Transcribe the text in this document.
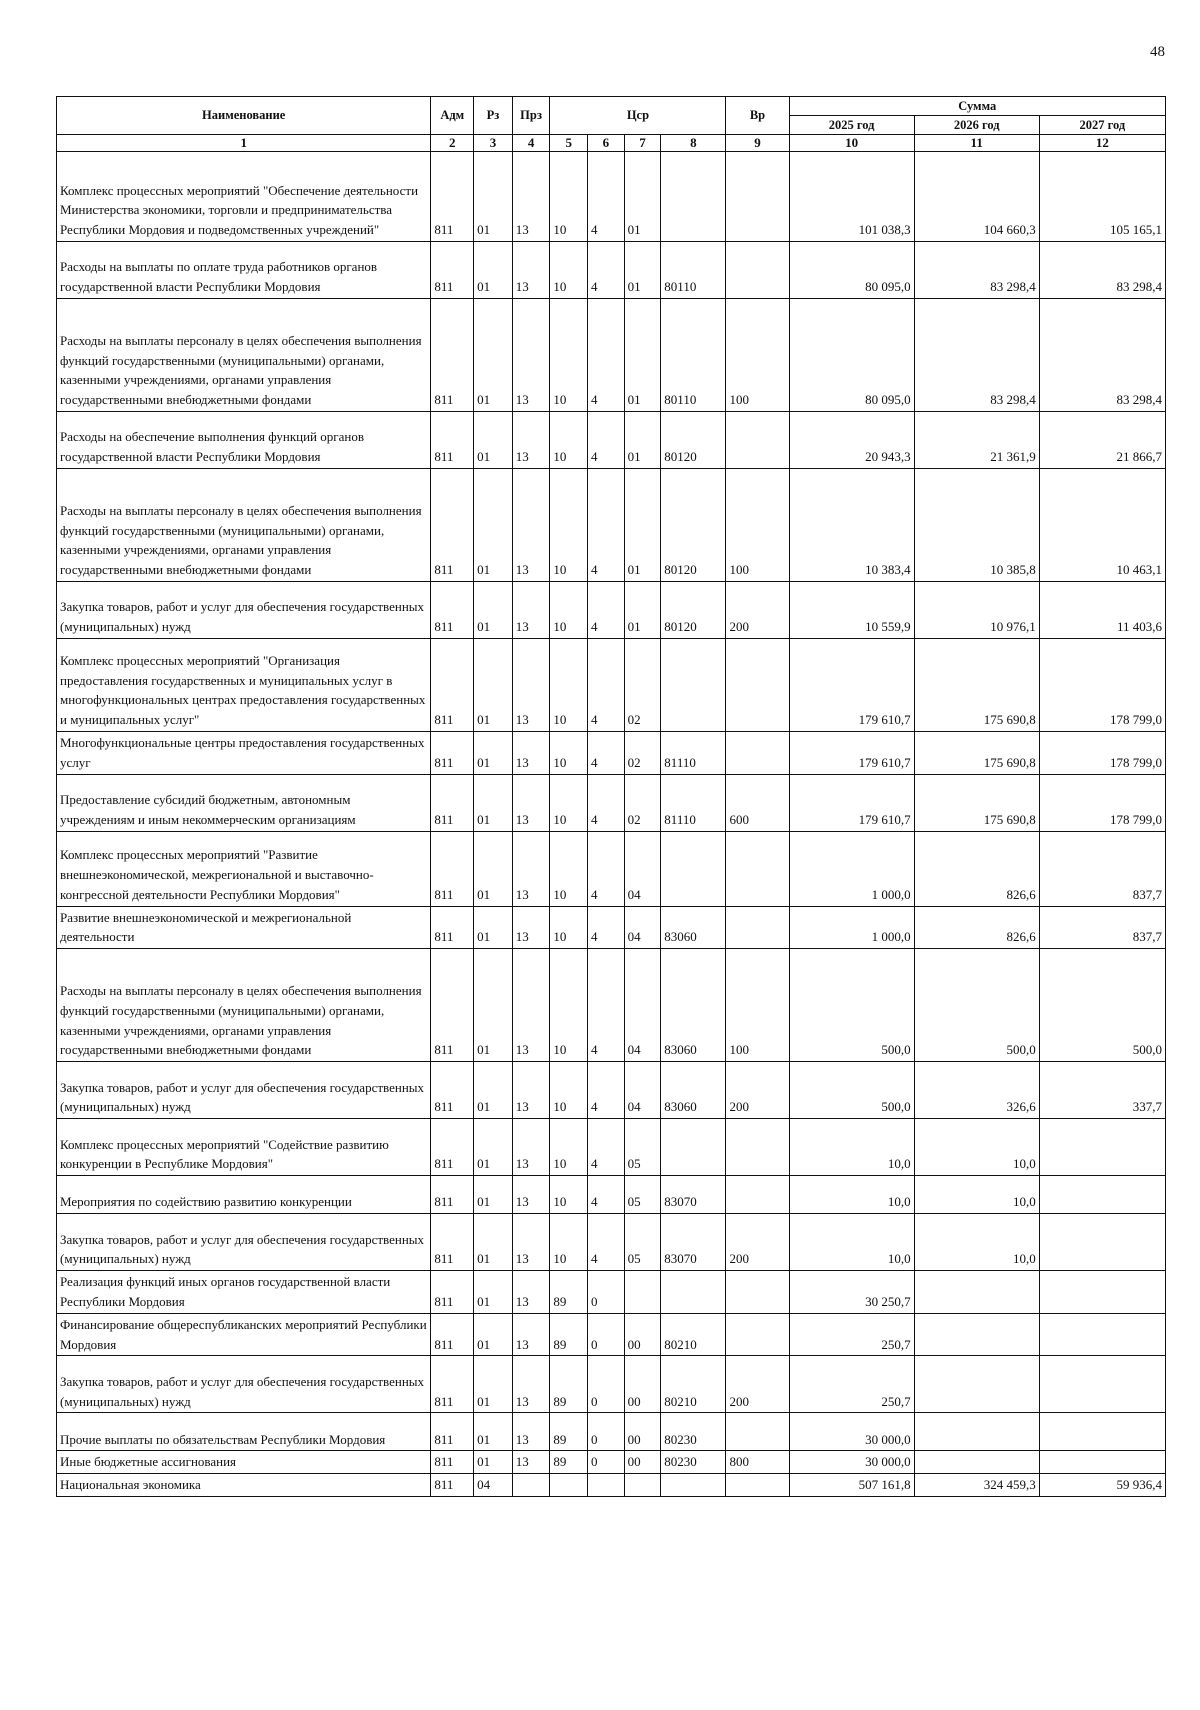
48
Наименование	Адм	Рз	Прз	Цср				Вр	Сумма		
									2025 год	2026 год	2027 год
1	2	3	4	5	6	7	8	9	10	11	12
Комплекс процессных мероприятий "Обеспечение деятельности Министерства экономики, торговли и предпринимательства Республики Мордовия и подведомственных учреждений"	811	01	13	10	4	01			101 038,3	104 660,3	105 165,1
Расходы на выплаты по оплате труда работников органов государственной власти Республики Мордовия	811	01	13	10	4	01	80110		80 095,0	83 298,4	83 298,4
Расходы на выплаты персоналу в целях обеспечения выполнения функций государственными (муниципальными) органами, казенными учреждениями, органами управления государственными внебюджетными фондами	811	01	13	10	4	01	80110	100	80 095,0	83 298,4	83 298,4
Расходы на обеспечение выполнения функций органов государственной власти Республики Мордовия	811	01	13	10	4	01	80120		20 943,3	21 361,9	21 866,7
Расходы на выплаты персоналу в целях обеспечения выполнения функций государственными (муниципальными) органами, казенными учреждениями, органами управления государственными внебюджетными фондами	811	01	13	10	4	01	80120	100	10 383,4	10 385,8	10 463,1
Закупка товаров, работ и услуг для обеспечения государственных (муниципальных) нужд	811	01	13	10	4	01	80120	200	10 559,9	10 976,1	11 403,6
Комплекс процессных мероприятий "Организация предоставления государственных и муниципальных услуг в многофункциональных центрах предоставления государственных и муниципальных услуг"	811	01	13	10	4	02			179 610,7	175 690,8	178 799,0
Многофункциональные центры предоставления государственных услуг	811	01	13	10	4	02	81110		179 610,7	175 690,8	178 799,0
Предоставление субсидий бюджетным, автономным учреждениям и иным некоммерческим организациям	811	01	13	10	4	02	81110	600	179 610,7	175 690,8	178 799,0
Комплекс процессных мероприятий "Развитие внешнеэкономической, межрегиональной и выставочно-конгрессной деятельности Республики Мордовия"	811	01	13	10	4	04			1 000,0	826,6	837,7
Развитие внешнеэкономической и межрегиональной деятельности	811	01	13	10	4	04	83060		1 000,0	826,6	837,7
Расходы на выплаты персоналу в целях обеспечения выполнения функций государственными (муниципальными) органами, казенными учреждениями, органами управления государственными внебюджетными фондами	811	01	13	10	4	04	83060	100	500,0	500,0	500,0
Закупка товаров, работ и услуг для обеспечения государственных (муниципальных) нужд	811	01	13	10	4	04	83060	200	500,0	326,6	337,7
Комплекс процессных мероприятий "Содействие развитию конкуренции в Республике Мордовия"	811	01	13	10	4	05			10,0	10,0	
Мероприятия по содействию развитию конкуренции	811	01	13	10	4	05	83070		10,0	10,0	
Закупка товаров, работ и услуг для обеспечения государственных (муниципальных) нужд	811	01	13	10	4	05	83070	200	10,0	10,0	
Реализация функций иных органов государственной власти Республики Мордовия	811	01	13	89	0				30 250,7		
Финансирование общереспубликанских мероприятий Республики Мордовия	811	01	13	89	0	00	80210		250,7		
Закупка товаров, работ и услуг для обеспечения государственных (муниципальных) нужд	811	01	13	89	0	00	80210	200	250,7		
Прочие выплаты по обязательствам Республики Мордовия	811	01	13	89	0	00	80230		30 000,0		
Иные бюджетные ассигнования	811	01	13	89	0	00	80230	800	30 000,0		
Национальная экономика	811	04							507 161,8	324 459,3	59 936,4
